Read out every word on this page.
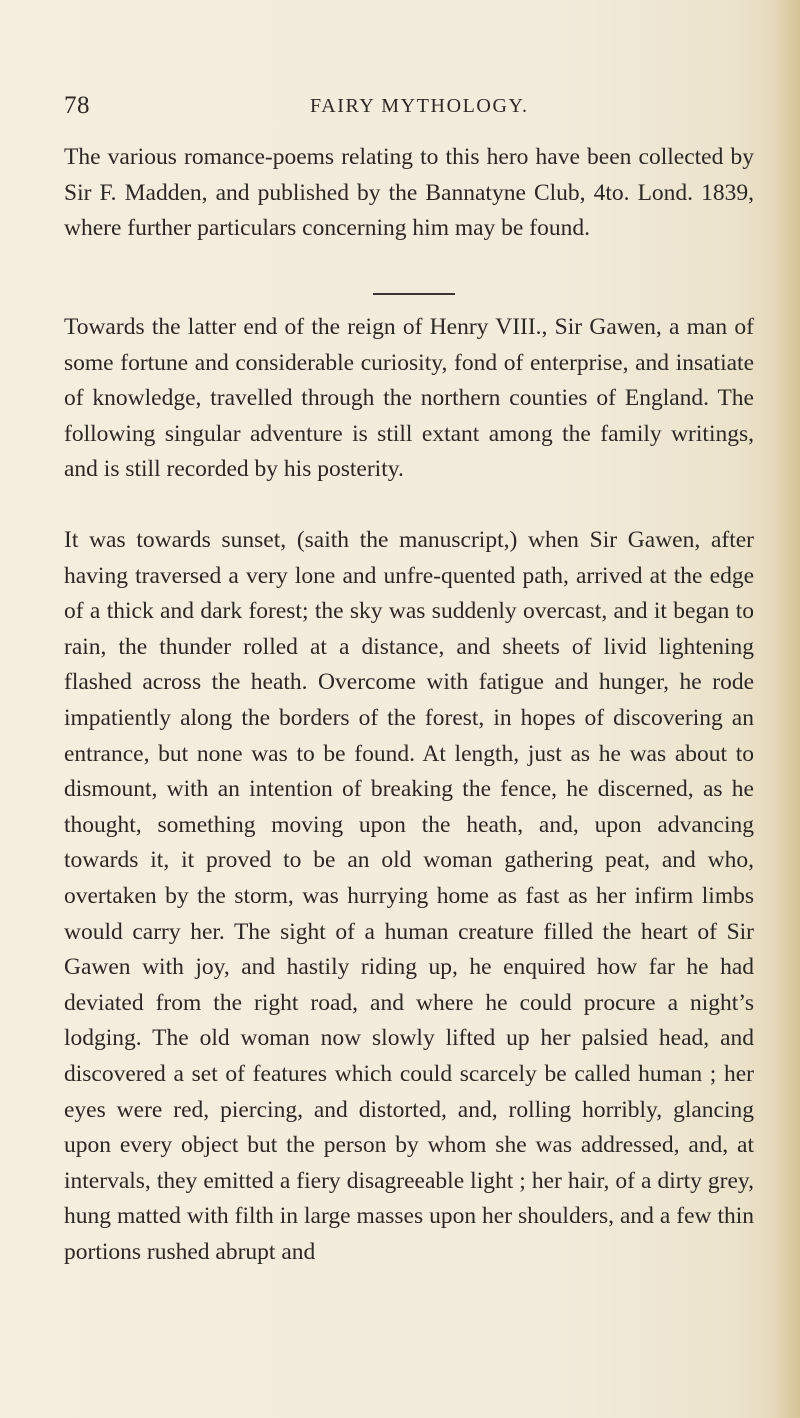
78	FAIRY MYTHOLOGY.

The various romance-poems relating to this hero have been collected by Sir F. Madden, and published by the Bannatyne Club, 4to. Lond. 1839, where further particulars concerning him may be found.

Towards the latter end of the reign of Henry VIII., Sir Gawen, a man of some fortune and considerable curiosity, fond of enterprise, and insatiate of knowledge, travelled through the northern counties of England. The following singular adventure is still extant among the family writings, and is still recorded by his posterity.

It was towards sunset, (saith the manuscript,) when Sir Gawen, after having traversed a very lone and unfre-quented path, arrived at the edge of a thick and dark forest; the sky was suddenly overcast, and it began to rain, the thunder rolled at a distance, and sheets of livid lightening flashed across the heath. Overcome with fatigue and hunger, he rode impatiently along the borders of the forest, in hopes of discovering an entrance, but none was to be found. At length, just as he was about to dismount, with an intention of breaking the fence, he discerned, as he thought, something moving upon the heath, and, upon advancing towards it, it proved to be an old woman gathering peat, and who, overtaken by the storm, was hurrying home as fast as her infirm limbs would carry her. The sight of a human creature filled the heart of Sir Gawen with joy, and hastily riding up, he enquired how far he had deviated from the right road, and where he could procure a night’s lodging. The old woman now slowly lifted up her palsied head, and discovered a set of features which could scarcely be called human ; her eyes were red, piercing, and distorted, and, rolling horribly, glancing upon every object but the person by whom she was addressed, and, at intervals, they emitted a fiery disagreeable light ; her hair, of a dirty grey, hung matted with filth in large masses upon her shoulders, and a few thin portions rushed abrupt and
